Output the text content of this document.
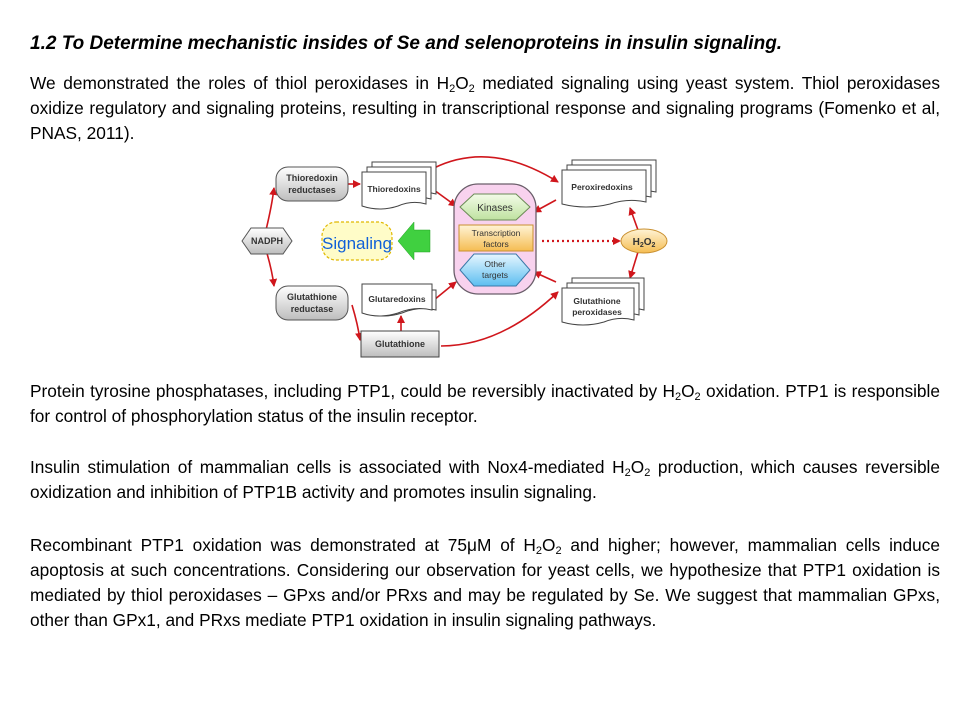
1.2 To Determine mechanistic insides of Se and selenoproteins in insulin signaling.

We demonstrated the roles of thiol peroxidases in $H_2O_2$ mediated signaling using yeast system. Thiol peroxidases oxidize regulatory and signaling proteins, resulting in transcriptional response and signaling programs (Fomenko et al, PNAS, 2011).

Thioredoxin
reductases
NADPH
Glutathione
reductase
Thioredoxins
Glutaredoxins
Glutathione
Signaling
Kinases
Transcription
factors
Other
targets
Peroxiredoxins
Glutathione
peroxidases
$H_2O_2$

Protein tyrosine phosphatases, including PTP1, could be reversibly inactivated by $H_2O_2$ oxidation. PTP1 is responsible for control of phosphorylation status of the insulin receptor.

Insulin stimulation of mammalian cells is associated with Nox4-mediated $H_2O_2$ production, which causes reversible oxidization and inhibition of PTP1B activity and promotes insulin signaling.

Recombinant PTP1 oxidation was demonstrated at 75μM of $H_2O_2$ and higher; however, mammalian cells induce apoptosis at such concentrations. Considering our observation for yeast cells, we hypothesize that PTP1 oxidation is mediated by thiol peroxidases – GPxs and/or PRxs and may be regulated by Se. We suggest that mammalian GPxs, other than GPx1, and PRxs mediate PTP1 oxidation in insulin signaling pathways.
